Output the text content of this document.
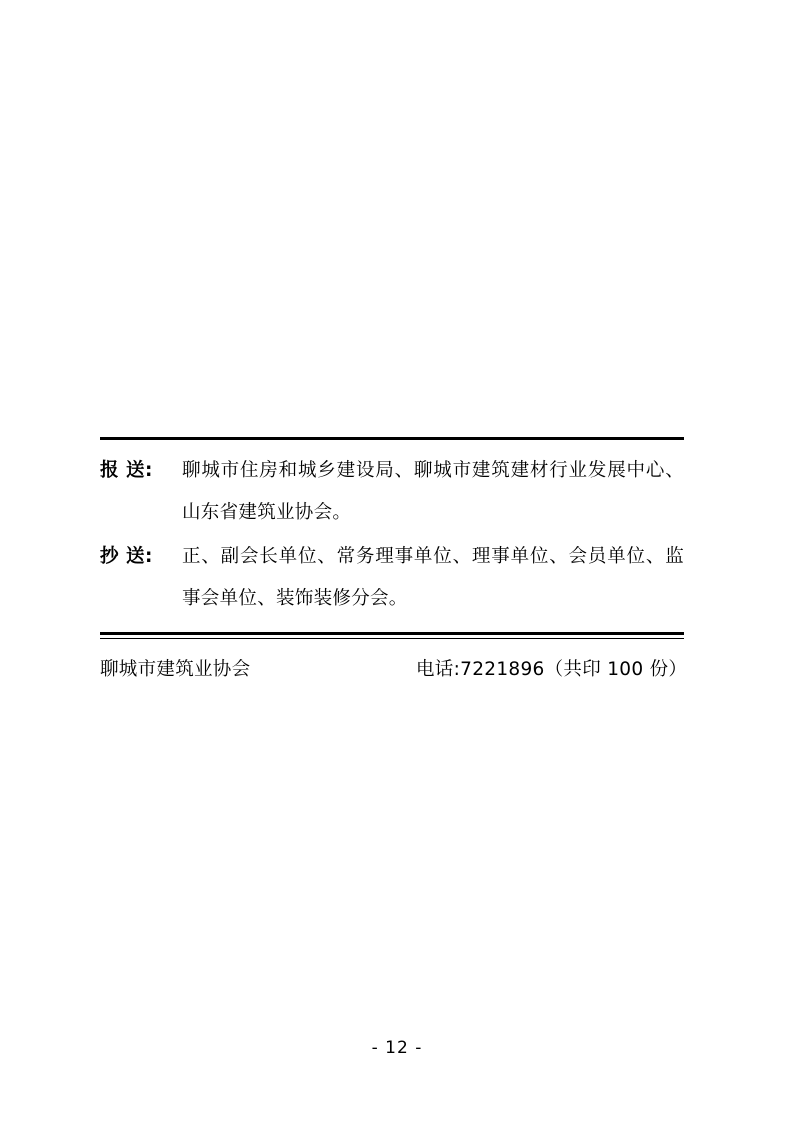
报 送:	聊城市住房和城乡建设局、聊城市建筑建材行业发展中心、山东省建筑业协会。
抄 送:	正、副会长单位、常务理事单位、理事单位、会员单位、监事会单位、装饰装修分会。
聊城市建筑业协会	电话:7221896（共印 100 份）
- 12 -
